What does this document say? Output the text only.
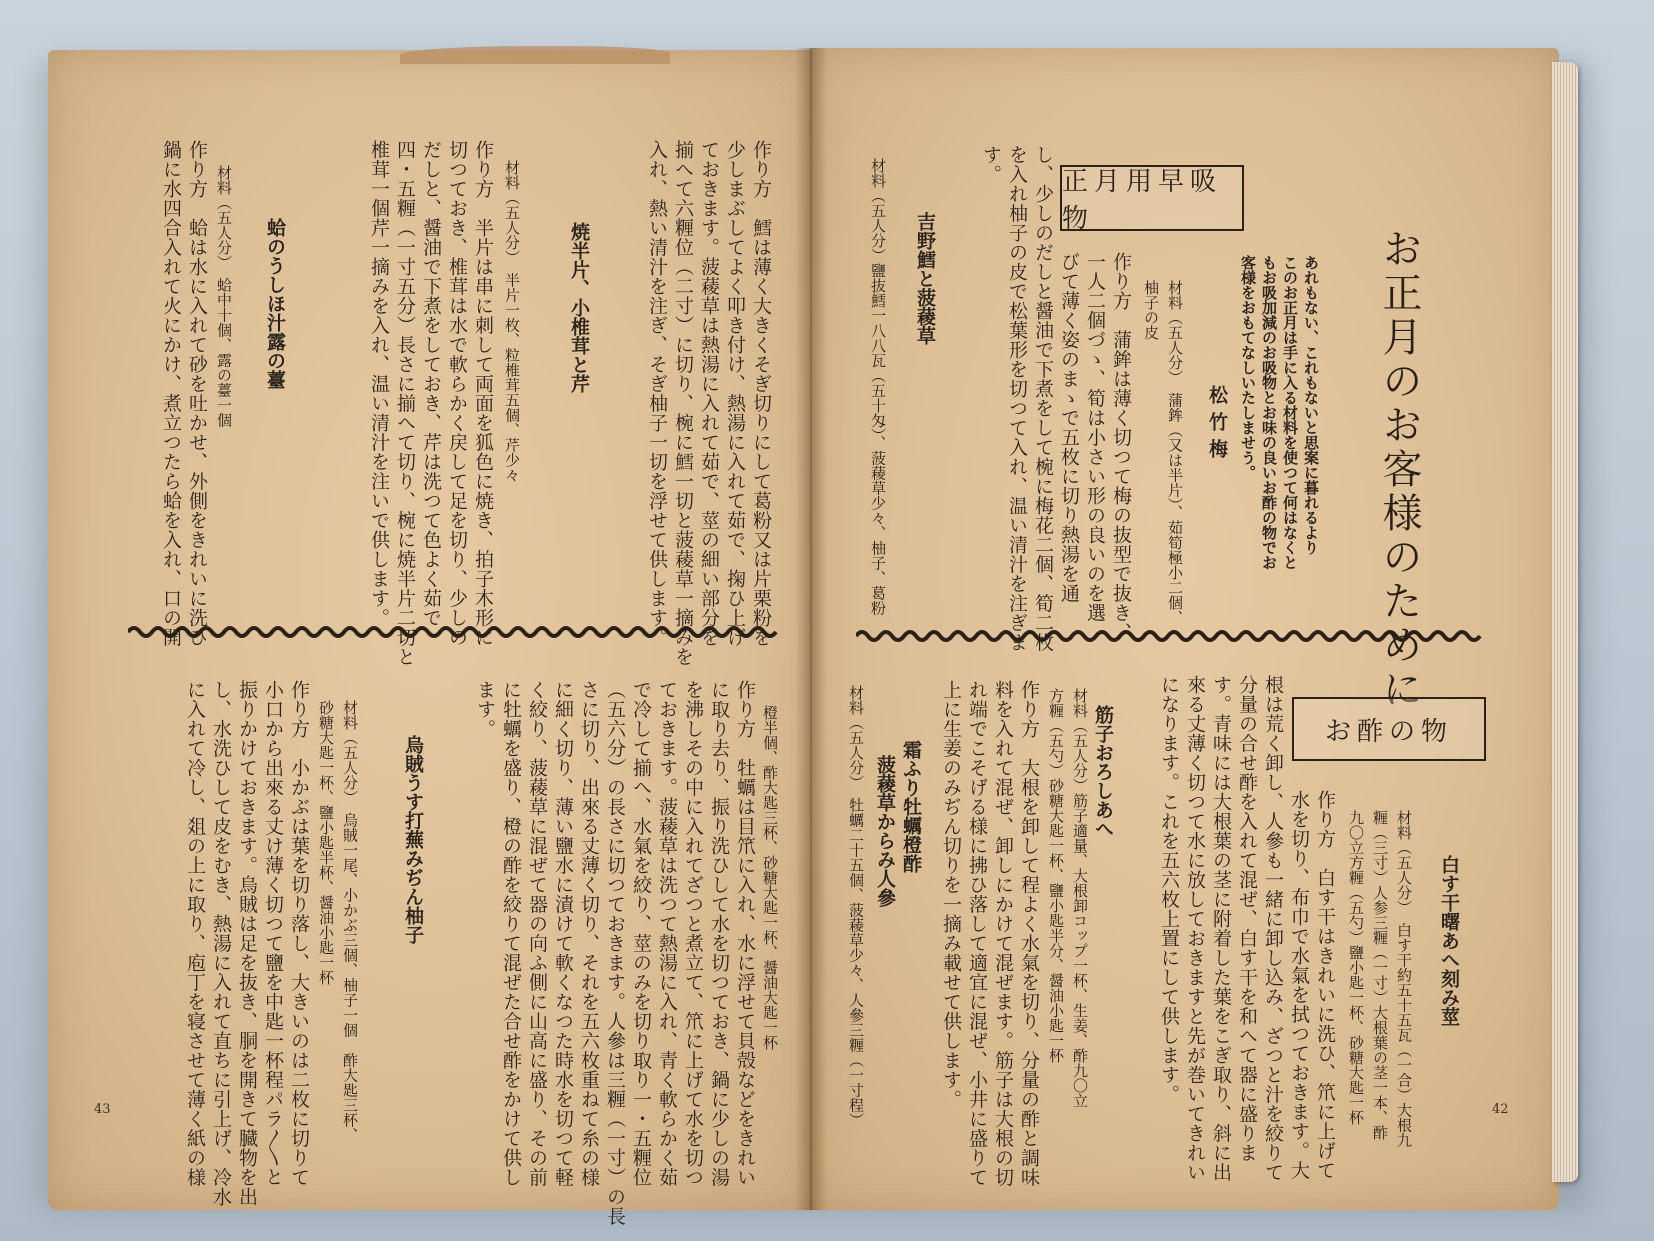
お正月のお客様のために
あれもない、これもないと思案に暮れるより
このお正月は手に入る材料を使つて何はなくと
もお吸加減のお吸物とお味の良いお酢の物でお
客様をおもてなしいたしませう。
正月用早吸物
松竹梅
材料（五人分）　蒲鉾（又は半片）、茹筍極小二個、
柚子の皮
作り方　蒲鉾は薄く切つて梅の抜型で抜き、
一人二個づゝ、筍は小さい形の良いのを選
びて薄く姿のまゝで五枚に切り熱湯を通
し、少しのだしと醤油で下煮をして椀に梅花二個、筍二枚
を入れ柚子の皮で松葉形を切つて入れ、温い清汁を注ぎま
す。
吉野鱈と菠薐草
材料（五人分）鹽抜鱈一八八瓦（五十匁）、菠薐草少々、柚子、葛粉
お酢の物
白す干曙あへ刻み莖
材料（五人分）　白す干約五十五瓦（一合）大根九
糎（三寸）人参三糎（一寸）大根葉の茎一本、酢
九〇立方糎（五勺）鹽小匙一杯、砂糖大匙一杯
作り方　白す干はきれいに洗ひ、笊に上げて
水を切り、布巾で水氣を拭つておきます。大
根は荒く卸し、人參も一緒に卸し込み、ざつと汁を絞りて
分量の合せ酢を入れて混ぜ、白す干を和へて器に盛りま
す。青味には大根葉の茎に附着した葉をこぎ取り、斜に出
來る丈薄く切つて水に放しておきますと先が巻いてきれい
になります。これを五六枚上置にして供します。
筋子おろしあへ
材料（五人分）筋子適量、大根卸コップ一杯、生姜、酢九〇立
方糎（五勺）砂糖大匙一杯、鹽小匙半分、醤油小匙一杯
作り方　大根を卸して程よく水氣を切り、分量の酢と調味
料を入れて混ぜ、卸しにかけて混ぜます。筋子は大根の切
れ端でこそげる様に拂ひ落して適宜に混ぜ、小井に盛りて
上に生姜のみぢん切りを一摘み載せて供します。
霜ふり牡蠣橙酢
菠薐草からみ人參
材料（五人分）　牡蠣二十五個、菠薐草少々、人參三糎（一寸程）	42
作り方　鱈は薄く大きくそぎ切りにして葛粉又は片栗粉を
少しまぶしてよく叩き付け、熱湯に入れて茹で、掬ひ上げ
ておきます。菠薐草は熱湯に入れて茹で、莖の細い部分を
揃へて六糎位（二寸）に切り、椀に鱈一切と菠薐草一摘みを
入れ、熱い清汁を注ぎ、そぎ柚子一切を浮せて供します。
焼半片、小椎茸と芹
材料（五人分）　半片一枚、粒椎茸五個、芹少々
作り方　半片は串に刺して両面を狐色に焼き、拍子木形に
切つておき、椎茸は水で軟らかく戻して足を切り、少しの
だしと、醤油で下煮をしておき、芹は洗つて色よく茹で
四・五糎（一寸五分）長さに揃へて切り、椀に焼半片二切と
椎茸一個芹一摘みを入れ、温い清汁を注いで供します。
蛤のうしほ汁露の薹
材料（五人分）　蛤中十個、露の薹一個
作り方　蛤は水に入れて砂を吐かせ、外側をきれいに洗ひ
鍋に水四合入れて火にかけ、煮立つたら蛤を入れ、口の開
橙半個、酢大匙三杯、砂糖大匙一杯、醤油大匙一杯
作り方　牡蠣は目笊に入れ、水に浮せて貝殻などをきれい
に取り去り、振り洗ひして水を切つておき、鍋に少しの湯
を沸しその中に入れてざつと煮立て、笊に上げて水を切つ
ておきます。菠薐草は洗つて熱湯に入れ、青く軟らかく茹
で冷して揃へ、水氣を絞り、莖のみを切り取り一・五糎位
（五六分）の長さに切つておきます。人參は三糎（一寸）の長
さに切り、出來る丈薄く切り、それを五六枚重ねて糸の様
に細く切り、薄い鹽水に漬けて軟くなつた時水を切つて軽
く絞り、菠薐草に混ぜて器の向ふ側に山高に盛り、その前
に牡蠣を盛り、橙の酢を絞りて混ぜた合せ酢をかけて供し
ます。
烏賊うす打蕪みぢん柚子
材料（五人分）　烏賊一尾、小かぶ三個、柚子一個　酢大匙三杯、
砂糖大匙一杯、鹽小匙半杯、醤油小匙一杯
作り方　小かぶは葉を切り落し、大きいのは二枚に切りて
小口から出來る丈け薄く切つて鹽を中匙一杯程パラ〳〵と
振りかけておきます。烏賊は足を抜き、胴を開きて臓物を出
し、水洗ひして皮をむき、熱湯に入れて直ちに引上げ、冷水
に入れて冷し、爼の上に取り、庖丁を寝させて薄く紙の様
43
